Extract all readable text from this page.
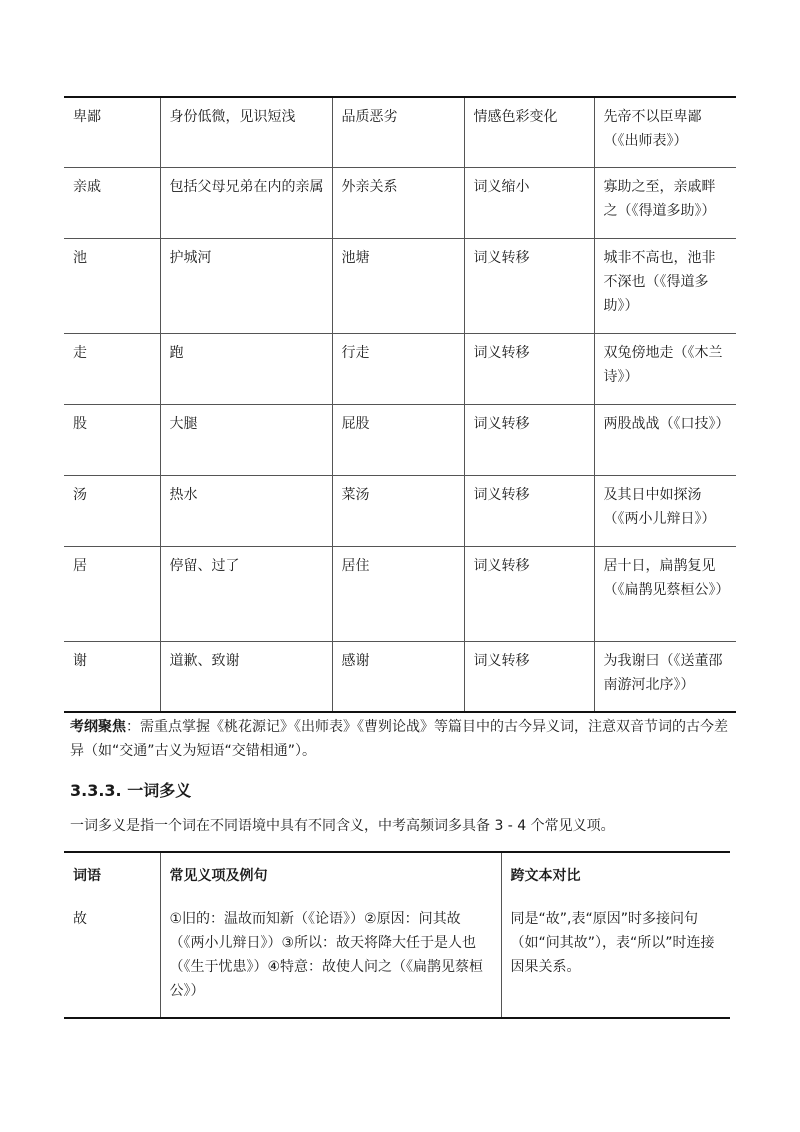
卑鄙	身份低微，见识短浅	品质恶劣	情感色彩变化	先帝不以臣卑鄙（《出师表》）
亲戚	包括父母兄弟在内的亲属	外亲关系	词义缩小	寡助之至，亲戚畔之（《得道多助》）
池	护城河	池塘	词义转移	城非不高也，池非不深也（《得道多助》）
走	跑	行走	词义转移	双兔傍地走（《木兰诗》）
股	大腿	屁股	词义转移	两股战战（《口技》）
汤	热水	菜汤	词义转移	及其日中如探汤（《两小儿辩日》）
居	停留、过了	居住	词义转移	居十日，扁鹊复见（《扁鹊见蔡桓公》）
谢	道歉、致谢	感谢	词义转移	为我谢曰（《送董邵南游河北序》）
考纲聚焦：需重点掌握《桃花源记》《出师表》《曹刿论战》等篇目中的古今异义词，注意双音节词的古今差异（如“交通”古义为短语“交错相通”）。
3.3.3. 一词多义
一词多义是指一个词在不同语境中具有不同含义，中考高频词多具备 3 - 4 个常见义项。
词语	常见义项及例句	跨文本对比
故	①旧的：温故而知新（《论语》）②原因：问其故（《两小儿辩日》）③所以：故天将降大任于是人也（《生于忧患》）④特意：故使人问之（《扁鹊见蔡桓公》）	同是“故”,表“原因”时多接问句（如“问其故”），表“所以”时连接因果关系。
